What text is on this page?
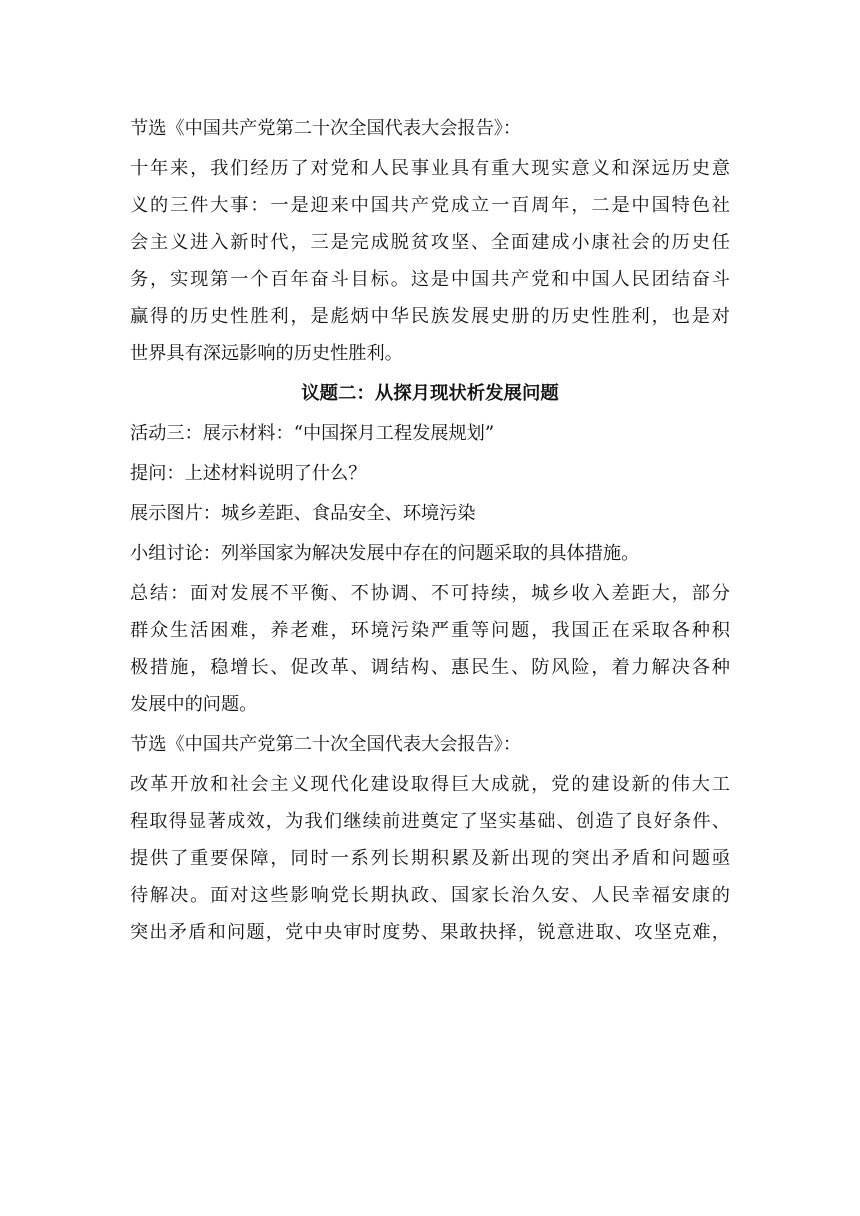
节选《中国共产党第二十次全国代表大会报告》：
十年来，我们经历了对党和人民事业具有重大现实意义和深远历史意
义的三件大事：一是迎来中国共产党成立一百周年，二是中国特色社
会主义进入新时代，三是完成脱贫攻坚、全面建成小康社会的历史任
务，实现第一个百年奋斗目标。这是中国共产党和中国人民团结奋斗
赢得的历史性胜利，是彪炳中华民族发展史册的历史性胜利，也是对
世界具有深远影响的历史性胜利。
议题二：从探月现状析发展问题
活动三：展示材料：“中国探月工程发展规划”
提问：上述材料说明了什么？
展示图片：城乡差距、食品安全、环境污染
小组讨论：列举国家为解决发展中存在的问题采取的具体措施。
总结：面对发展不平衡、不协调、不可持续，城乡收入差距大，部分
群众生活困难，养老难，环境污染严重等问题，我国正在采取各种积
极措施，稳增长、促改革、调结构、惠民生、防风险，着力解决各种
发展中的问题。
节选《中国共产党第二十次全国代表大会报告》：
改革开放和社会主义现代化建设取得巨大成就，党的建设新的伟大工
程取得显著成效，为我们继续前进奠定了坚实基础、创造了良好条件、
提供了重要保障，同时一系列长期积累及新出现的突出矛盾和问题亟
待解决。面对这些影响党长期执政、国家长治久安、人民幸福安康的
突出矛盾和问题，党中央审时度势、果敢抉择，锐意进取、攻坚克难，
